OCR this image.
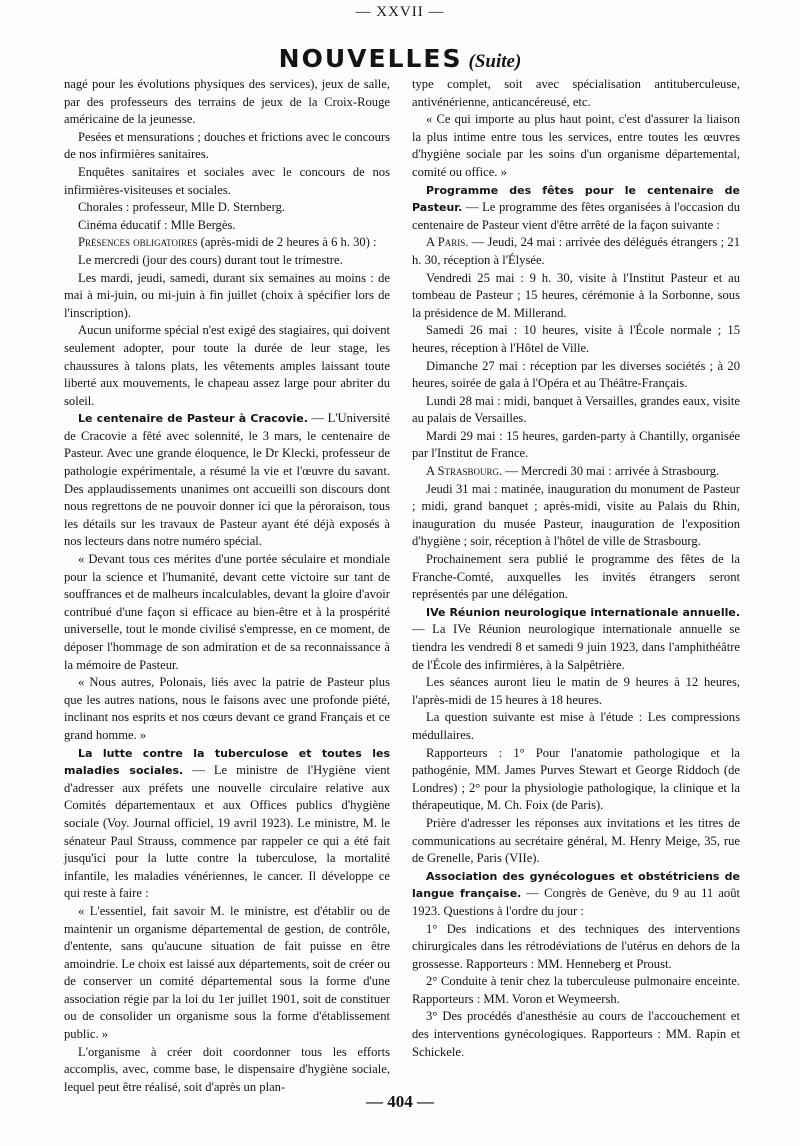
— XXVII —
NOUVELLES (Suite)

nagé pour les évolutions physiques des services), jeux de salle, par des professeurs des terrains de jeux de la Croix-Rouge américaine de la jeunesse.

Pesées et mensurations ; douches et frictions avec le concours de nos infirmières sanitaires.

Enquêtes sanitaires et sociales avec le concours de nos infirmières-visiteuses et sociales.

Chorales : professeur, Mlle D. Sternberg.

Cinéma éducatif : Mlle Bergès.

Présences obligatoires (après-midi de 2 heures à 6 h. 30) :

Le mercredi (jour des cours) durant tout le trimestre.

Les mardi, jeudi, samedi, durant six semaines au moins : de mai à mi-juin, ou mi-juin à fin juillet (choix à spécifier lors de l'inscription).

Aucun uniforme spécial n'est exigé des stagiaires, qui doivent seulement adopter, pour toute la durée de leur stage, les chaussures à talons plats, les vêtements amples laissant toute liberté aux mouvements, le chapeau assez large pour abriter du soleil.

Le centenaire de Pasteur à Cracovie. — L'Université de Cracovie a fêté avec solennité, le 3 mars, le centenaire de Pasteur. Avec une grande éloquence, le Dr Klecki, professeur de pathologie expérimentale, a résumé la vie et l'œuvre du savant. Des applaudissements unanimes ont accueilli son discours dont nous regrettons de ne pouvoir donner ici que la péroraison, tous les détails sur les travaux de Pasteur ayant été déjà exposés à nos lecteurs dans notre numéro spécial.

« Devant tous ces mérites d'une portée séculaire et mondiale pour la science et l'humanité, devant cette victoire sur tant de souffrances et de malheurs incalculables, devant la gloire d'avoir contribué d'une façon si efficace au bien-être et à la prospérité universelle, tout le monde civilisé s'empresse, en ce moment, de déposer l'hommage de son admiration et de sa reconnaissance à la mémoire de Pasteur.

« Nous autres, Polonais, liés avec la patrie de Pasteur plus que les autres nations, nous le faisons avec une profonde piété, inclinant nos esprits et nos cœurs devant ce grand Français et ce grand homme. »

La lutte contre la tuberculose et toutes les maladies sociales. — Le ministre de l'Hygiène vient d'adresser aux préfets une nouvelle circulaire relative aux Comités départementaux et aux Offices publics d'hygiène sociale (Voy. Journal officiel, 19 avril 1923). Le ministre, M. le sénateur Paul Strauss, commence par rappeler ce qui a été fait jusqu'ici pour la lutte contre la tuberculose, la mortalité infantile, les maladies vénériennes, le cancer. Il développe ce qui reste à faire :

« L'essentiel, fait savoir M. le ministre, est d'établir ou de maintenir un organisme départemental de gestion, de contrôle, d'entente, sans qu'aucune situation de fait puisse en être amoindrie. Le choix est laissé aux départements, soit de créer ou de conserver un comité départemental sous la forme d'une association régie par la loi du 1er juillet 1901, soit de constituer ou de consolider un organisme sous la forme d'établissement public. »

L'organisme à créer doit coordonner tous les efforts accomplis, avec, comme base, le dispensaire d'hygiène sociale, lequel peut être réalisé, soit d'après un plan-

type complet, soit avec spécialisation antituberculeuse, antivénérienne, anticancéreusé, etc.

« Ce qui importe au plus haut point, c'est d'assurer la liaison la plus intime entre tous les services, entre toutes les œuvres d'hygiène sociale par les soins d'un organisme départemental, comité ou office. »

Programme des fêtes pour le centenaire de Pasteur. — Le programme des fêtes organisées à l'occasion du centenaire de Pasteur vient d'être arrêté de la façon suivante :

A Paris. — Jeudi, 24 mai : arrivée des délégués étrangers ; 21 h. 30, réception à l'Élysée.

Vendredi 25 mai : 9 h. 30, visite à l'Institut Pasteur et au tombeau de Pasteur ; 15 heures, cérémonie à la Sorbonne, sous la présidence de M. Millerand.

Samedi 26 mai : 10 heures, visite à l'École normale ; 15 heures, réception à l'Hôtel de Ville.

Dimanche 27 mai : réception par les diverses sociétés ; à 20 heures, soirée de gala à l'Opéra et au Théâtre-Français.

Lundi 28 mai : midi, banquet à Versailles, grandes eaux, visite au palais de Versailles.

Mardi 29 mai : 15 heures, garden-party à Chantilly, organisée par l'Institut de France.

A Strasbourg. — Mercredi 30 mai : arrivée à Strasbourg.

Jeudi 31 mai : matinée, inauguration du monument de Pasteur ; midi, grand banquet ; après-midi, visite au Palais du Rhin, inauguration du musée Pasteur, inauguration de l'exposition d'hygiène ; soir, réception à l'hôtel de ville de Strasbourg.

Prochainement sera publié le programme des fêtes de la Franche-Comté, auxquelles les invités étrangers seront représentés par une délégation.

IVe Réunion neurologique internationale annuelle. — La IVe Réunion neurologique internationale annuelle se tiendra les vendredi 8 et samedi 9 juin 1923, dans l'amphithéâtre de l'École des infirmières, à la Salpêtrière.

Les séances auront lieu le matin de 9 heures à 12 heures, l'après-midi de 15 heures à 18 heures.

La question suivante est mise à l'étude : Les compressions médullaires.

Rapporteurs : 1° Pour l'anatomie pathologique et la pathogénie, MM. James Purves Stewart et George Riddoch (de Londres) ; 2° pour la physiologie pathologique, la clinique et la thérapeutique, M. Ch. Foix (de Paris).

Prière d'adresser les réponses aux invitations et les titres de communications au secrétaire général, M. Henry Meige, 35, rue de Grenelle, Paris (VIIe).

Association des gynécologues et obstétriciens de langue française. — Congrès de Genève, du 9 au 11 août 1923. Questions à l'ordre du jour :

1° Des indications et des techniques des interventions chirurgicales dans les rétrodéviations de l'utérus en dehors de la grossesse. Rapporteurs : MM. Henneberg et Proust.

2° Conduite à tenir chez la tuberculeuse pulmonaire enceinte. Rapporteurs : MM. Voron et Weymeersh.

3° Des procédés d'anesthésie au cours de l'accouchement et des interventions gynécologiques. Rapporteurs : MM. Rapin et Schickele.

— 404 —
